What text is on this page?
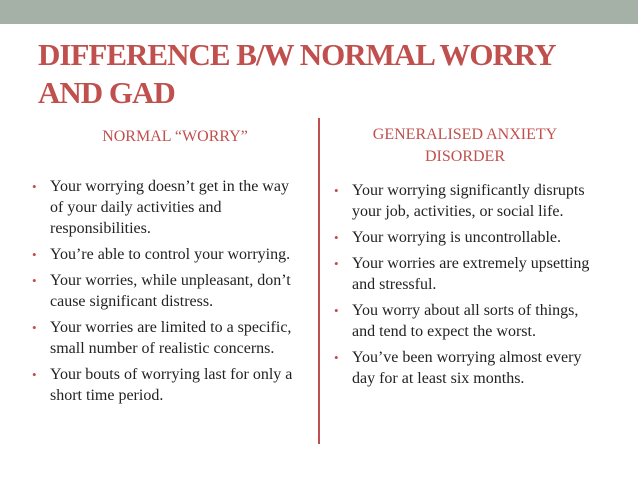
DIFFERENCE B/W NORMAL WORRY
AND GAD

NORMAL “WORRY”	GENERALISED ANXIETY
DISORDER

• Your worrying doesn’t get in the way of your daily activities and responsibilities.
• You’re able to control your worrying.
• Your worries, while unpleasant, don’t cause significant distress.
• Your worries are limited to a specific, small number of realistic concerns.
• Your bouts of worrying last for only a short time period.
• Your worrying significantly disrupts your job, activities, or social life.
• Your worrying is uncontrollable.
• Your worries are extremely upsetting and stressful.
• You worry about all sorts of things, and tend to expect the worst.
• You’ve been worrying almost every day for at least six months.
